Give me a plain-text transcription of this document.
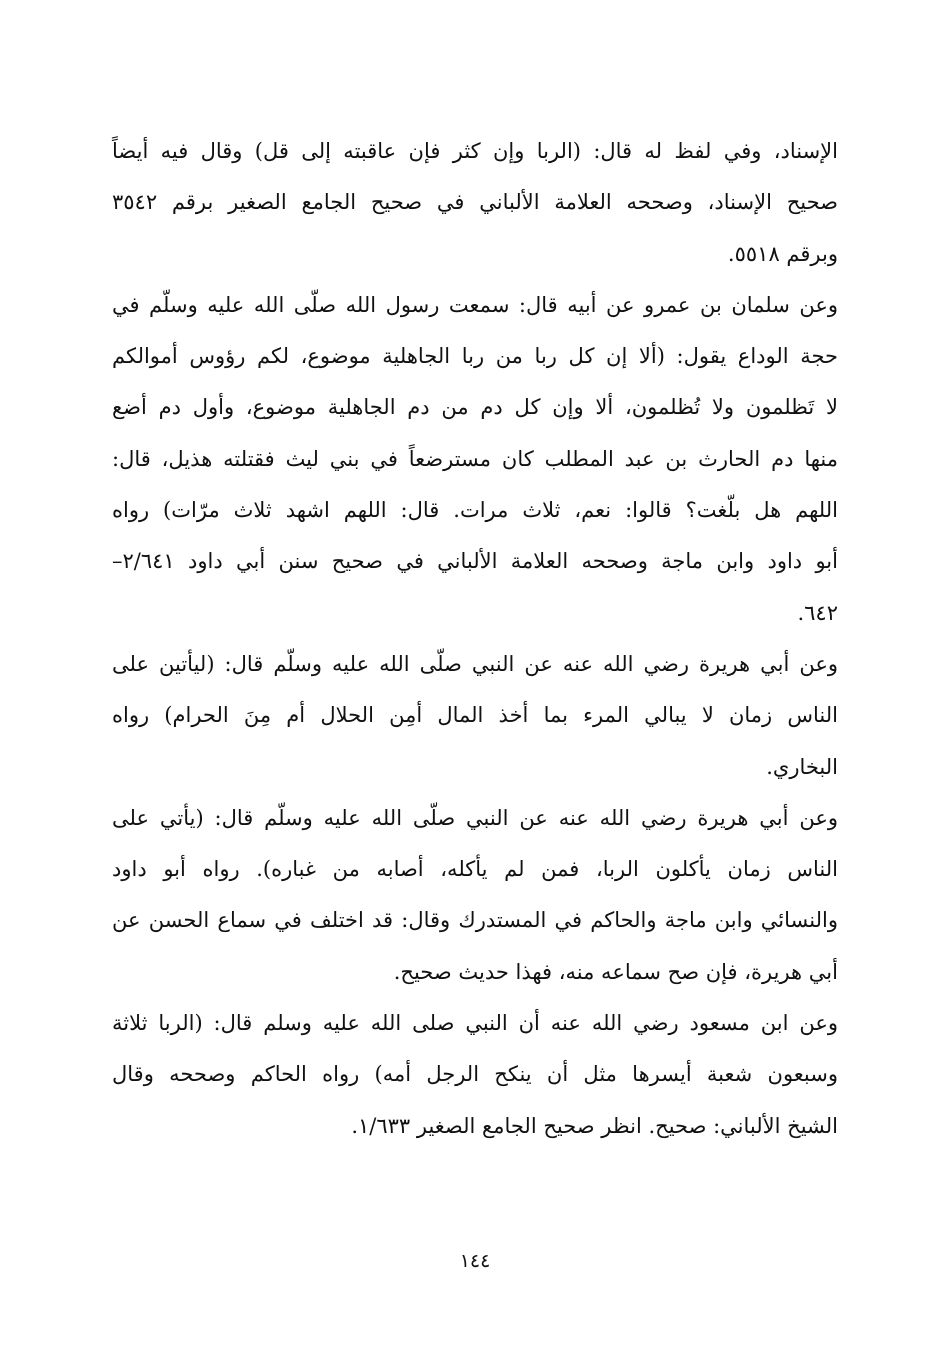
الإسناد، وفي لفظ له قال: (الربا وإن كثر فإن عاقبته إلى قل) وقال فيه أيضاً
صحيح الإسناد، وصححه العلامة الألباني في صحيح الجامع الصغير برقم ٣٥٤٢
وبرقم ٥٥١٨.
وعن سلمان بن عمرو عن أبيه قال: سمعت رسول الله صلّى الله عليه وسلّم في
حجة الوداع يقول: (ألا إن كل ربا من ربا الجاهلية موضوع، لكم رؤوس أموالكم
لا تَظلمون ولا تُظلمون، ألا وإن كل دم من دم الجاهلية موضوع، وأول دم أضع
منها دم الحارث بن عبد المطلب كان مسترضعاً في بني ليث فقتلته هذيل، قال:
اللهم هل بلّغت؟ قالوا: نعم، ثلاث مرات. قال: اللهم اشهد ثلاث مرّات) رواه
أبو داود وابن ماجة وصححه العلامة الألباني في صحيح سنن أبي داود ٢/٦٤١–
٦٤٢.
وعن أبي هريرة رضي الله عنه عن النبي صلّى الله عليه وسلّم قال: (ليأتين على
الناس زمان لا يبالي المرء بما أخذ المال أمِن الحلال أم مِنَ الحرام) رواه
البخاري.
وعن أبي هريرة رضي الله عنه عن النبي صلّى الله عليه وسلّم قال: (يأتي على
الناس زمان يأكلون الربا، فمن لم يأكله، أصابه من غباره). رواه أبو داود
والنسائي وابن ماجة والحاكم في المستدرك وقال: قد اختلف في سماع الحسن عن
أبي هريرة، فإن صح سماعه منه، فهذا حديث صحيح.
وعن ابن مسعود رضي الله عنه أن النبي صلى الله عليه وسلم قال: (الربا ثلاثة
وسبعون شعبة أيسرها مثل أن ينكح الرجل أمه) رواه الحاكم وصححه وقال
الشيخ الألباني: صحيح. انظر صحيح الجامع الصغير ١/٦٣٣.
١٤٤
